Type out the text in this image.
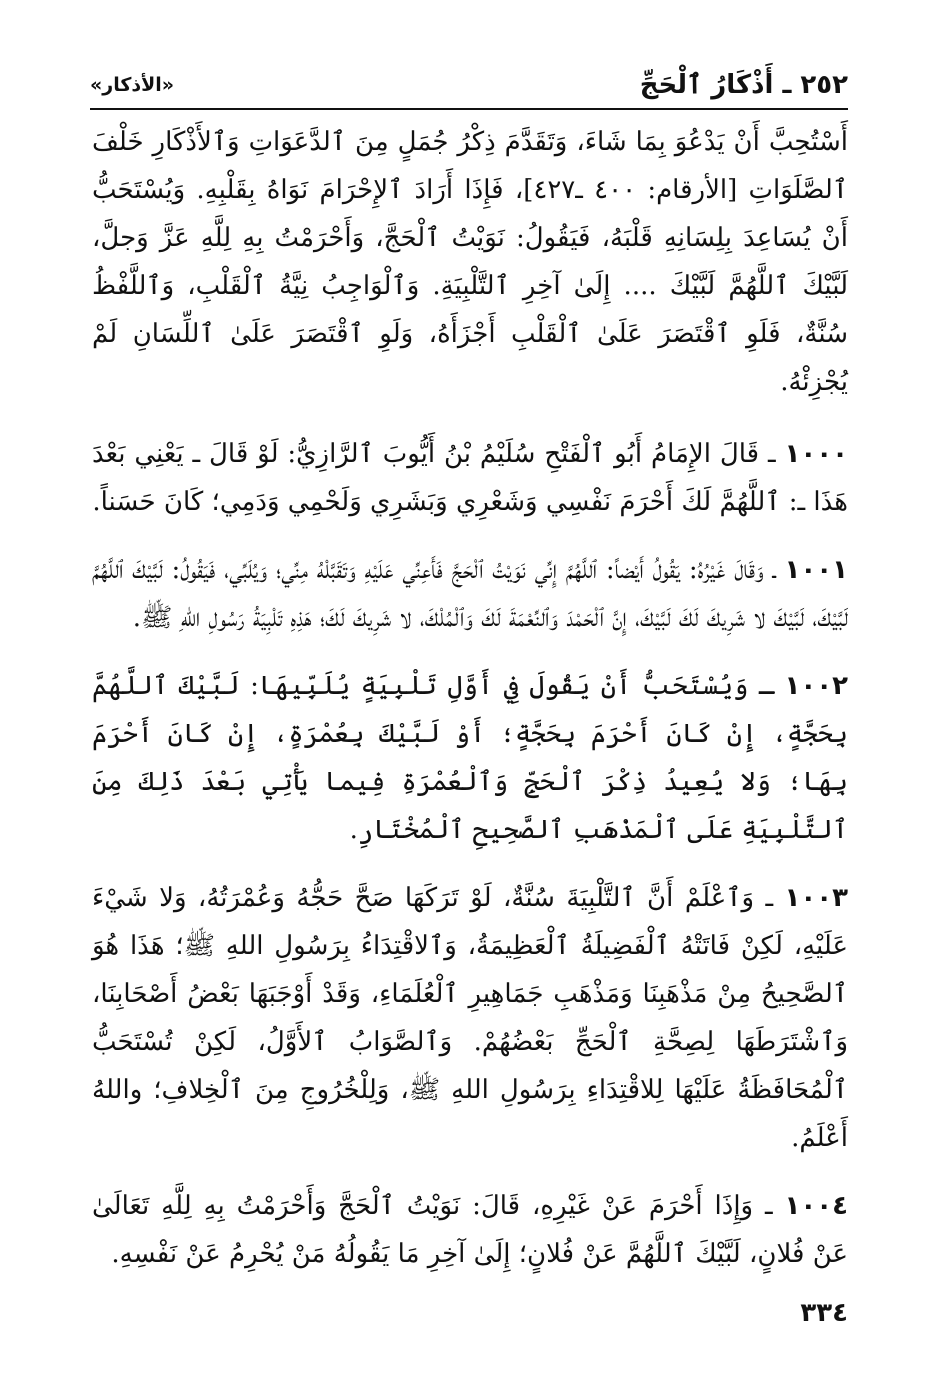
٢٥٢ ـ أَذْكَارُ ٱلْحَجِّ
«الأذكار»

أَسْتُحِبَّ أَنْ يَدْعُوَ بِمَا شَاءَ، وَتَقَدَّمَ ذِكْرُ جُمَلٍ مِنَ ٱلدَّعَوَاتِ وَٱلأَذْكَارِ خَلْفَ ٱلصَّلَوَاتِ [الأرقام: ٤٠٠ ـ٤٢٧]، فَإِذَا أَرَادَ ٱلإِحْرَامَ نَوَاهُ بِقَلْبِهِ. وَيُسْتَحَبُّ أَنْ يُسَاعِدَ بِلِسَانِهِ قَلْبَهُ، فَيَقُولُ: نَوَيْتُ ٱلْحَجَّ، وَأَحْرَمْتُ بِهِ لِلَّهِ عَزَّ وَجلَّ، لَبَّيْكَ ٱللَّهُمَّ لَبَّيْكَ .... إِلَىٰ آخِرِ ٱلتَّلْبِيَةِ. وَٱلْوَاجِبُ نِيَّةُ ٱلْقَلْبِ، وَٱللَّفْظُ سُنَّةٌ، فَلَوِ ٱقْتَصَرَ عَلَىٰ ٱلْقَلْبِ أَجْزَأَهُ، وَلَوِ ٱقْتَصَرَ عَلَىٰ ٱللِّسَانِ لَمْ يُجْزِئْهُ.

١٠٠٠ ـ قَالَ الإِمَامُ أَبُو ٱلْفَتْحِ سُلَيْمُ بْنُ أَيُّوبَ ٱلرَّازِيُّ: لَوْ قَالَ ـ يَعْنِي بَعْدَ هَذَا ـ: ٱللَّهُمَّ لَكَ أَحْرَمَ نَفْسِي وَشَعْرِي وَبَشَرِي وَلَحْمِي وَدَمِي؛ كَانَ حَسَناً.

١٠٠١ ـ وَقَالَ غَيْرُهُ: يَقُولُ أَيْضاً: ٱللَّهُمَّ إِنِّي نَوَيْتُ ٱلْحَجَّ فَأَعِنِّي عَلَيْهِ وَتَقَبَّلْهُ مِنِّي؛ وَيُلَبِّي، فَيَقُولُ: لَبَّيْكَ ٱللَّهُمَّ لَبَّيْكَ، لَبَّيْكَ لا شَرِيكَ لَكَ لَبَّيْكَ، إِنَّ ٱلْحَمْدَ وَٱلنِّعْمَةَ لَكَ وَٱلْمُلْكَ، لا شَرِيكَ لَكَ؛ هَذِهِ تَلْبِيَةُ رَسُولِ اللهِ ﷺ.

١٠٠٢ ـ وَيُسْتَحَبُّ أَنْ يَقُولَ فِي أَوَّلِ تَلْبِيَةٍ يُلَبِّيهَا: لَبَّيْكَ ٱللَّهُمَّ بِحَجَّةٍ، إِنْ كَانَ أَحْرَمَ بِحَجَّةٍ؛ أَوْ لَبَّيْكَ بِعُمْرَةٍ، إِنْ كَانَ أَحْرَمَ بِهَا؛ وَلا يُعِيدُ ذِكْرَ ٱلْحَجِّ وَٱلْعُمْرَةِ فِيما يَأْتِي بَعْدَ ذَلِكَ مِنَ ٱلتَّلْبِيَةِ عَلَى ٱلْمَذْهَبِ ٱلصَّحِيحِ ٱلْمُخْتَارِ.

١٠٠٣ ـ وَٱعْلَمْ أَنَّ ٱلتَّلْبِيَةَ سُنَّةٌ، لَوْ تَرَكَهَا صَحَّ حَجُّهُ وَعُمْرَتُهُ، وَلا شَيْءَ عَلَيْهِ، لَكِنْ فَاتَتْهُ ٱلْفَضِيلَةُ ٱلْعَظِيمَةُ، وَٱلاقْتِدَاءُ بِرَسُولِ اللهِ ﷺ؛ هَذَا هُوَ ٱلصَّحِيحُ مِنْ مَذْهَبِنَا وَمَذْهَبِ جَمَاهِيرِ ٱلْعُلَمَاءِ، وَقَدْ أَوْجَبَهَا بَعْضُ أَصْحَابِنَا، وَٱشْتَرَطَهَا لِصِحَّةِ ٱلْحَجِّ بَعْضُهُمْ. وَٱلصَّوَابُ ٱلأَوَّلُ، لَكِنْ تُسْتَحَبُّ ٱلْمُحَافَظَةُ عَلَيْهَا لِلاقْتِدَاءِ بِرَسُولِ اللهِ ﷺ، وَلِلْخُرُوجِ مِنَ ٱلْخِلافِ؛ واللهُ أَعْلَمُ.

١٠٠٤ ـ وَإِذَا أَحْرَمَ عَنْ غَيْرِهِ، قَالَ: نَوَيْتُ ٱلْحَجَّ وَأَحْرَمْتُ بِهِ لِلَّهِ تَعَالَىٰ عَنْ فُلانٍ، لَبَّيْكَ ٱللَّهُمَّ عَنْ فُلانٍ؛ إِلَىٰ آخِرِ مَا يَقُولُهُ مَنْ يُحْرِمُ عَنْ نَفْسِهِ.

٣٣٤
